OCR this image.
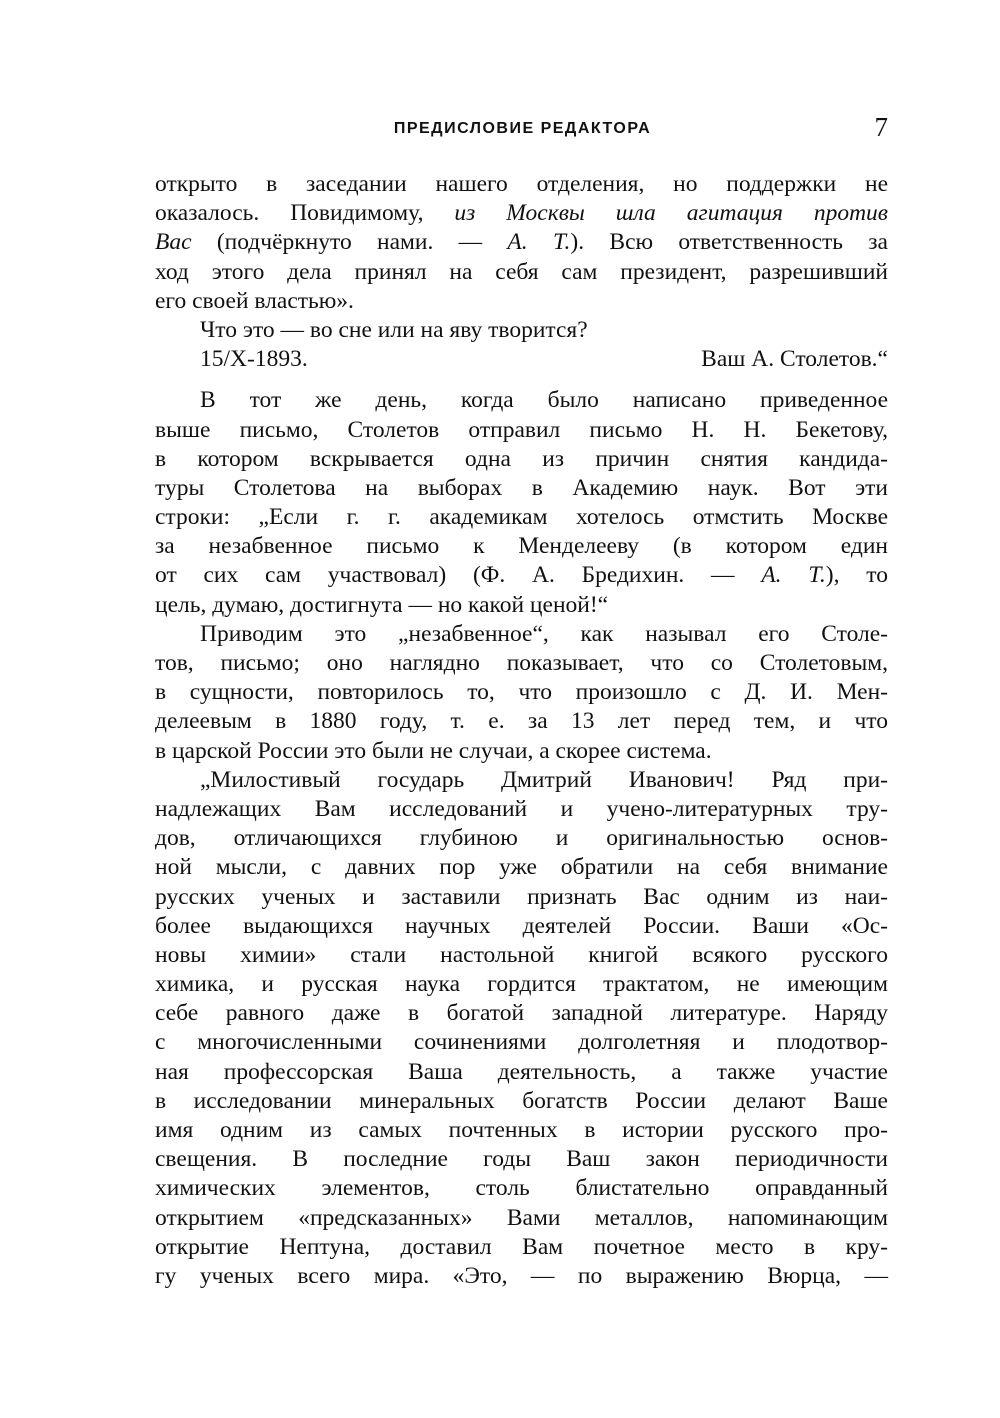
ПРЕДИСЛОВИЕ РЕДАКТОРА	7
открыто в заседании нашего отделения, но поддержки не
оказалось. Повидимому, из Москвы шла агитация против
Вас (подчёркнуто нами. — А. Т.). Всю ответственность за
ход этого дела принял на себя сам президент, разрешивший
его своей властью».
Что это — во сне или на яву творится?
15/X-1893.	Ваш А. Столетов.“
В тот же день, когда было написано приведенное
выше письмо, Столетов отправил письмо Н. Н. Бекетову,
в котором вскрывается одна из причин снятия кандида-
туры Столетова на выборах в Академию наук. Вот эти
строки: „Если г. г. академикам хотелось отмстить Москве
за незабвенное письмо к Менделееву (в котором един
от сих сам участвовал) (Ф. А. Бредихин. — А. Т.), то
цель, думаю, достигнута — но какой ценой!“
Приводим это „незабвенное“, как называл его Столе-
тов, письмо; оно наглядно показывает, что со Столетовым,
в сущности, повторилось то, что произошло с Д. И. Мен-
делеевым в 1880 году, т. е. за 13 лет перед тем, и что
в царской России это были не случаи, а скорее система.
„Милостивый государь Дмитрий Иванович! Ряд при-
надлежащих Вам исследований и учено-литературных тру-
дов, отличающихся глубиною и оригинальностью основ-
ной мысли, с давних пор уже обратили на себя внимание
русских ученых и заставили признать Вас одним из наи-
более выдающихся научных деятелей России. Ваши «Ос-
новы химии» стали настольной книгой всякого русского
химика, и русская наука гордится трактатом, не имеющим
себе равного даже в богатой западной литературе. Наряду
с многочисленными сочинениями долголетняя и плодотвор-
ная профессорская Ваша деятельность, а также участие
в исследовании минеральных богатств России делают Ваше
имя одним из самых почтенных в истории русского про-
свещения. В последние годы Ваш закон периодичности
химических элементов, столь блистательно оправданный
открытием «предсказанных» Вами металлов, напоминающим
открытие Нептуна, доставил Вам почетное место в кру-
гу ученых всего мира. «Это, — по выражению Вюрца, —
